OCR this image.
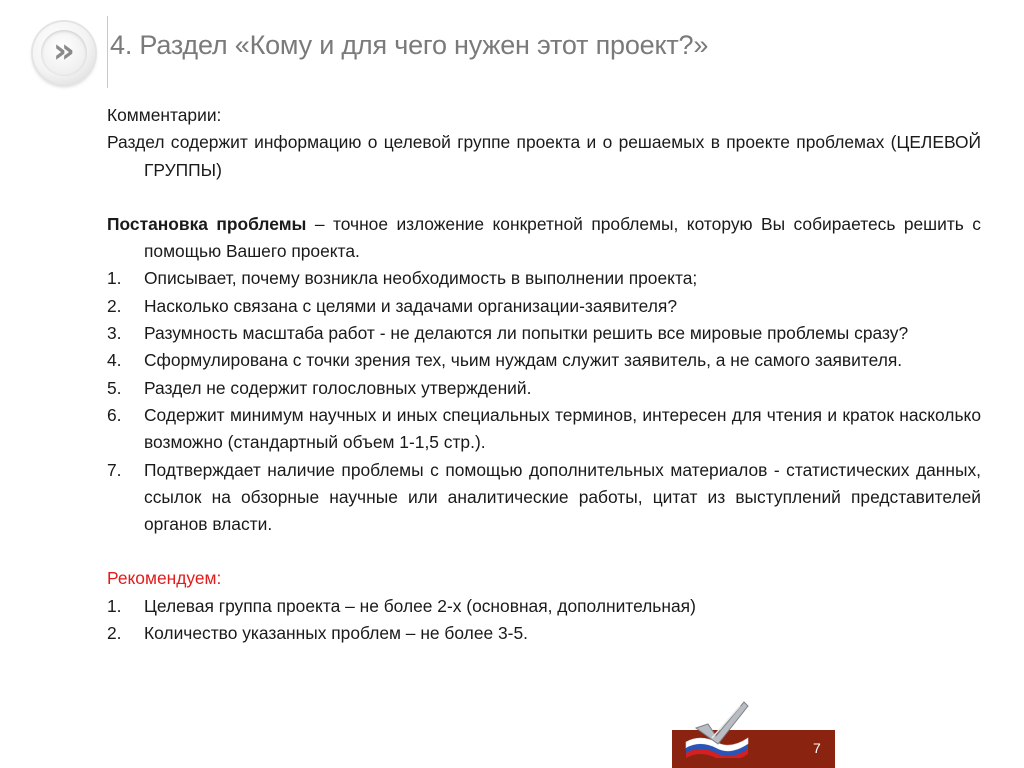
» 4. Раздел «Кому и для чего нужен этот проект?»

Комментарии:

Раздел содержит информацию о целевой группе проекта и о решаемых в проекте проблемах (ЦЕЛЕВОЙ ГРУППЫ)

Постановка проблемы – точное изложение конкретной проблемы, которую Вы собираетесь решить с помощью Вашего проекта.

1. Описывает, почему возникла необходимость в выполнении проекта;
2. Насколько связана с целями и задачами организации-заявителя?
3. Разумность масштаба работ - не делаются ли попытки решить все мировые проблемы сразу?
4. Сформулирована с точки зрения тех, чьим нуждам служит заявитель, а не самого заявителя.
5. Раздел не содержит голословных утверждений.
6. Содержит минимум научных и иных специальных терминов, интересен для чтения и краток насколько возможно (стандартный объем 1-1,5 стр.).
7. Подтверждает наличие проблемы с помощью дополнительных материалов - статистических данных, ссылок на обзорные научные или аналитические работы, цитат из выступлений представителей органов власти.

Рекомендуем:

1. Целевая группа проекта – не более 2-х (основная, дополнительная)
2. Количество указанных проблем – не более 3-5.
7
